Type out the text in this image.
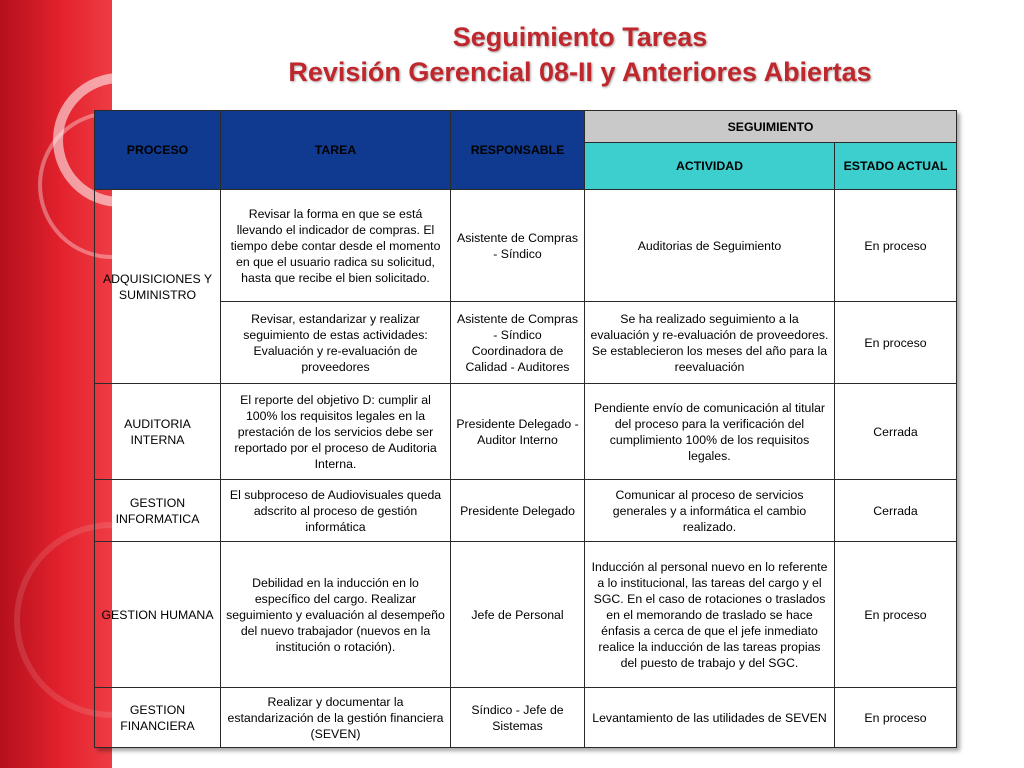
Seguimiento Tareas
Revisión Gerencial 08-II y Anteriores Abiertas
PROCESO	TAREA	RESPONSABLE	SEGUIMIENTO	
			ACTIVIDAD	ESTADO ACTUAL
ADQUISICIONES Y SUMINISTRO	Revisar la forma en que se está llevando el indicador de compras. El tiempo debe contar desde el momento en que el usuario radica su solicitud, hasta que recibe el bien solicitado.	Asistente de Compras - Síndico	Auditorias de Seguimiento	En proceso
	Revisar, estandarizar y realizar seguimiento de estas actividades: Evaluación y re-evaluación de proveedores	Asistente de Compras - Síndico Coordinadora de Calidad - Auditores	Se ha realizado seguimiento a la evaluación y re-evaluación de proveedores. Se establecieron los meses del año para la reevaluación	En proceso
AUDITORIA INTERNA	El reporte del objetivo D: cumplir al 100% los requisitos legales en la prestación de los servicios debe ser reportado por el proceso de Auditoria Interna.	Presidente Delegado - Auditor Interno	Pendiente envío de comunicación al titular del proceso para la verificación del cumplimiento 100% de los requisitos legales.	Cerrada
GESTION INFORMATICA	El subproceso de Audiovisuales queda adscrito al proceso de gestión informática	Presidente Delegado	Comunicar al proceso de servicios generales y a informática el cambio realizado.	Cerrada
GESTION HUMANA	Debilidad en la inducción en lo específico del cargo. Realizar seguimiento y evaluación al desempeño del nuevo trabajador (nuevos en la institución o rotación).	Jefe de Personal	Inducción al personal nuevo en lo referente a lo institucional, las tareas del cargo y el SGC. En el caso de rotaciones o traslados en el memorando de traslado se hace énfasis a cerca de que el jefe inmediato realice la inducción de las tareas propias del puesto de trabajo y del SGC.	En proceso
GESTION FINANCIERA	Realizar y documentar la estandarización de la gestión financiera (SEVEN)	Síndico - Jefe de Sistemas	Levantamiento de las utilidades de SEVEN	En proceso
